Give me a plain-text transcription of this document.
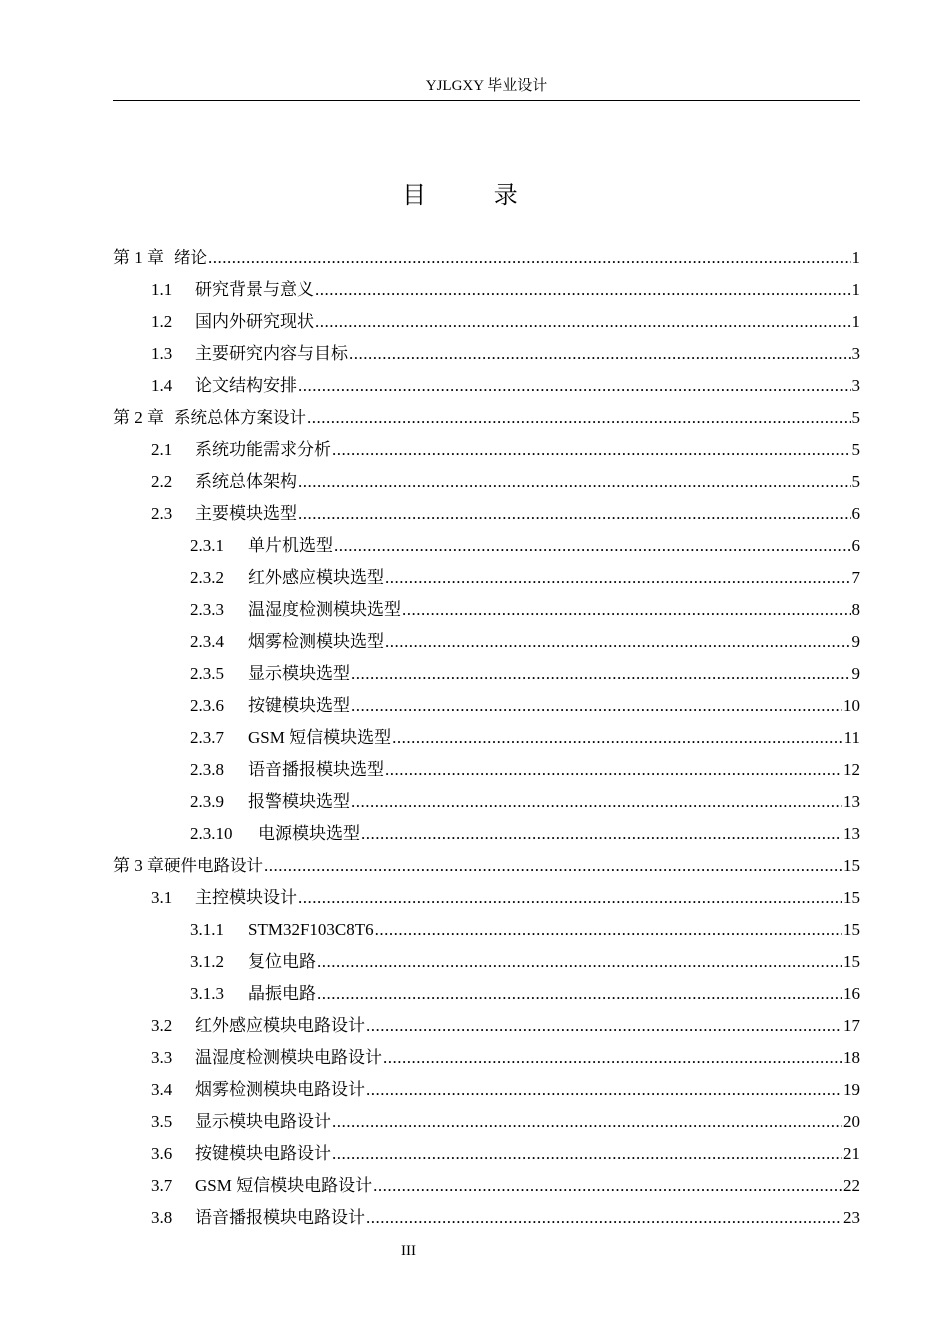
YJLGXY 毕业设计
目 录
第 1 章 绪论 .....	1
1.1	研究背景与意义 .....	1
1.2	国内外研究现状 .....	1
1.3	主要研究内容与目标 .....	3
1.4	论文结构安排 .....	3
第 2 章 系统总体方案设计 .....	5
2.1	系统功能需求分析 .....	5
2.2	系统总体架构 .....	5
2.3	主要模块选型 .....	6
2.3.1	单片机选型 .....	6
2.3.2	红外感应模块选型 .....	7
2.3.3	温湿度检测模块选型 .....	8
2.3.4	烟雾检测模块选型 .....	9
2.3.5	显示模块选型 .....	9
2.3.6	按键模块选型 .....	10
2.3.7	GSM 短信模块选型 .....	11
2.3.8	语音播报模块选型 .....	12
2.3.9	报警模块选型 .....	13
2.3.10	电源模块选型 .....	13
第 3 章 硬件电路设计 .....	15
3.1	主控模块设计 .....	15
3.1.1	STM32F103C8T6 .....	15
3.1.2	复位电路 .....	15
3.1.3	晶振电路 .....	16
3.2	红外感应模块电路设计 .....	17
3.3	温湿度检测模块电路设计 .....	18
3.4	烟雾检测模块电路设计 .....	19
3.5	显示模块电路设计 .....	20
3.6	按键模块电路设计 .....	21
3.7	GSM 短信模块电路设计 .....	22
3.8	语音播报模块电路设计 .....	23
III
